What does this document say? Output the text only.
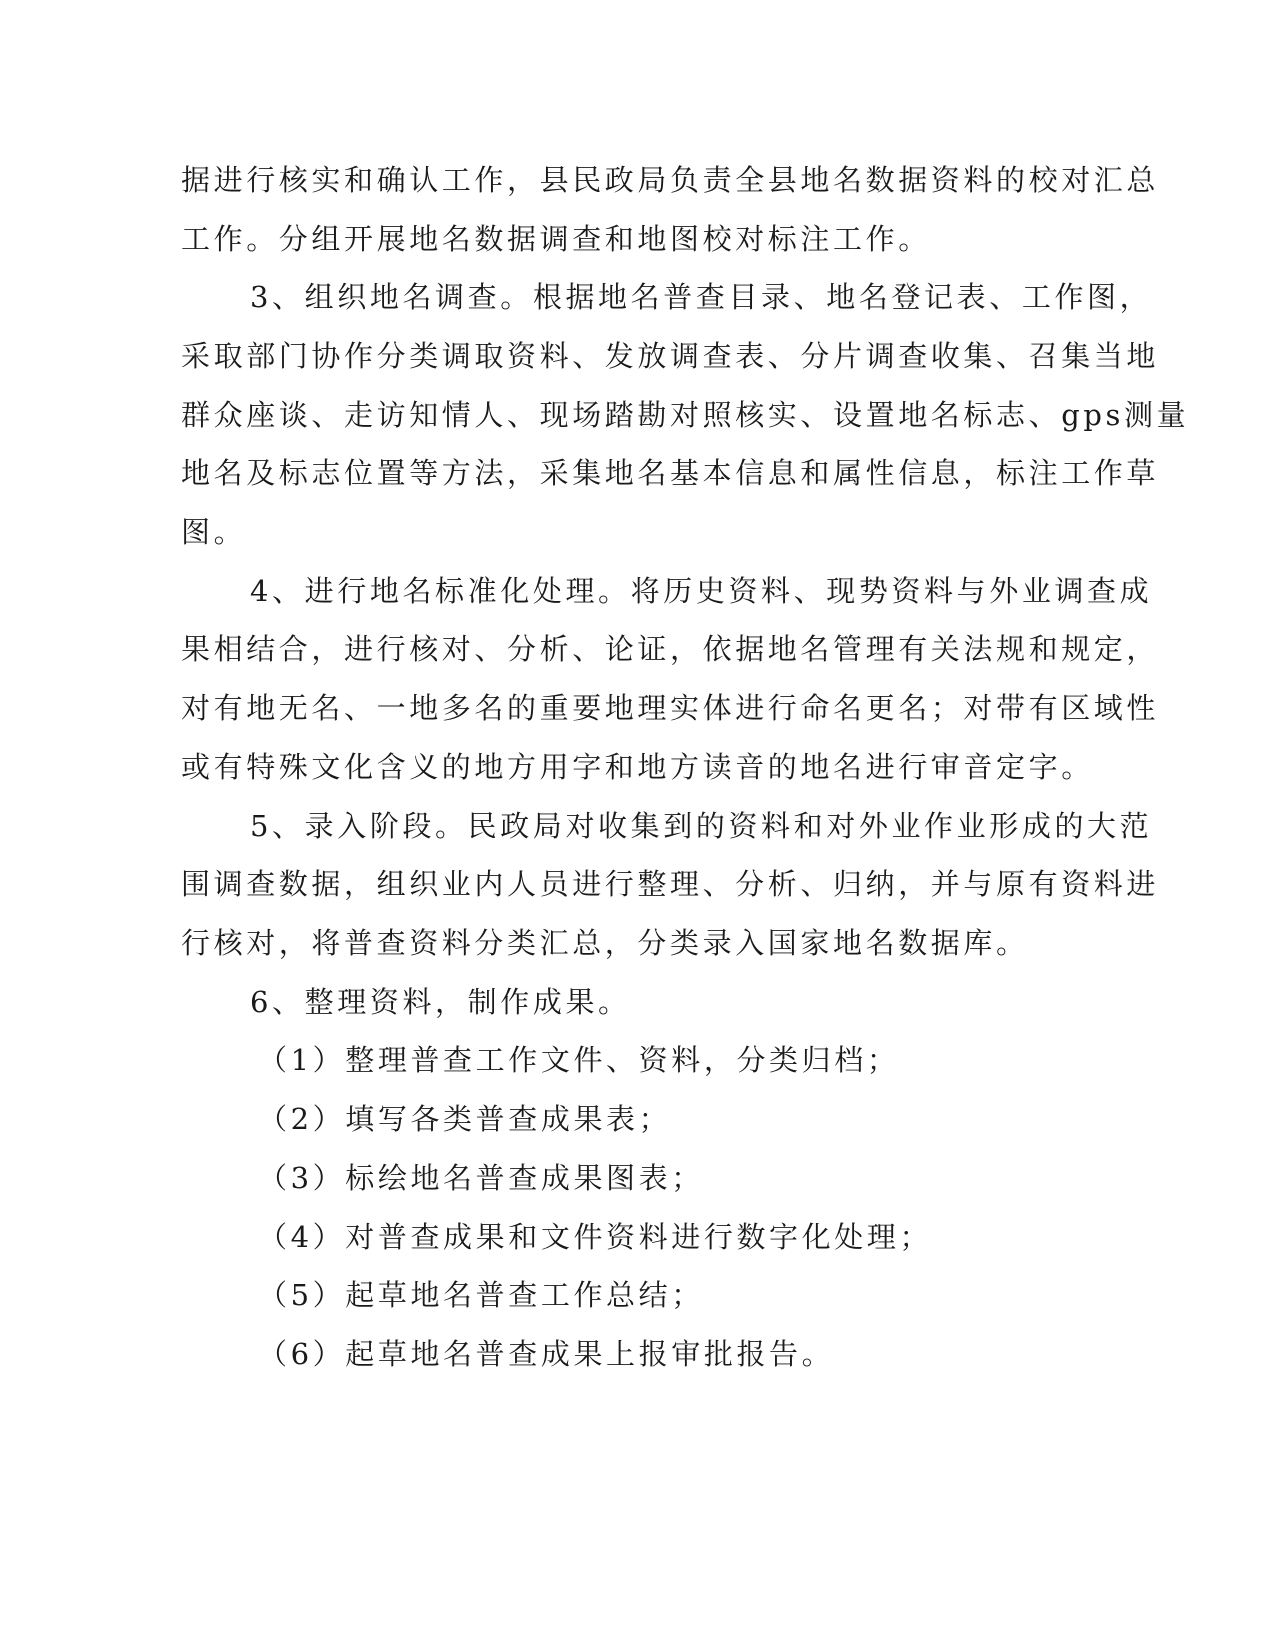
据进行核实和确认工作，县民政局负责全县地名数据资料的校对汇总
工作。分组开展地名数据调查和地图校对标注工作。
3、组织地名调查。根据地名普查目录、地名登记表、工作图，
采取部门协作分类调取资料、发放调查表、分片调查收集、召集当地
群众座谈、走访知情人、现场踏勘对照核实、设置地名标志、gps测量
地名及标志位置等方法，采集地名基本信息和属性信息，标注工作草
图。
4、进行地名标准化处理。将历史资料、现势资料与外业调查成
果相结合，进行核对、分析、论证，依据地名管理有关法规和规定，
对有地无名、一地多名的重要地理实体进行命名更名；对带有区域性
或有特殊文化含义的地方用字和地方读音的地名进行审音定字。
5、录入阶段。民政局对收集到的资料和对外业作业形成的大范
围调查数据，组织业内人员进行整理、分析、归纳，并与原有资料进
行核对，将普查资料分类汇总，分类录入国家地名数据库。
6、整理资料，制作成果。
（1）整理普查工作文件、资料，分类归档；
（2）填写各类普查成果表；
（3）标绘地名普查成果图表；
（4）对普查成果和文件资料进行数字化处理；
（5）起草地名普查工作总结；
（6）起草地名普查成果上报审批报告。
